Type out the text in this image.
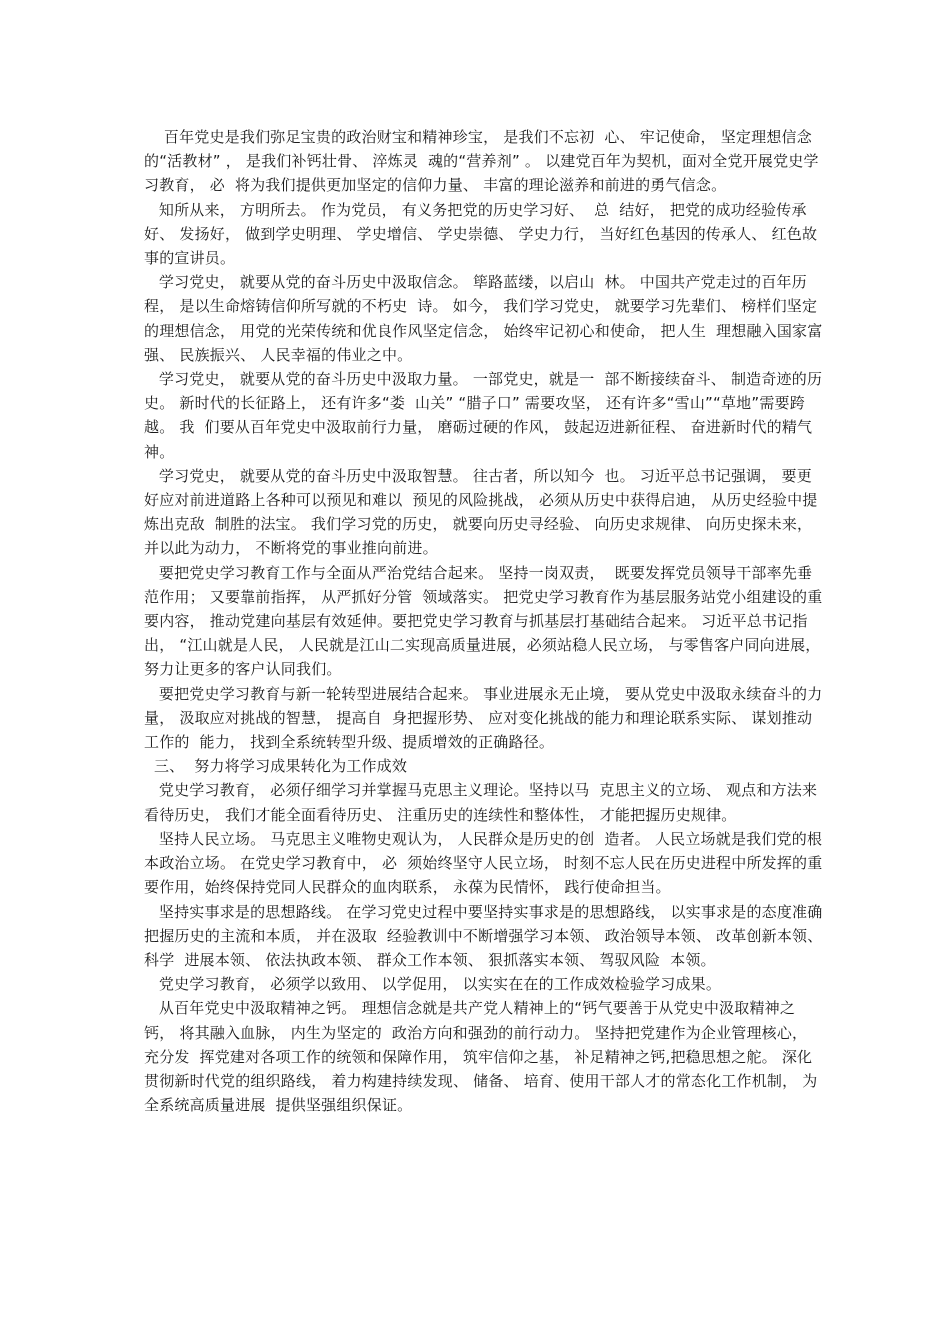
百年党史是我们弥足宝贵的政治财宝和精神珍宝， 是我们不忘初  心、 牢记使命， 坚定理想信念的“活教材” ， 是我们补钙壮骨、 淬炼灵  魂的“营养剂” 。 以建党百年为契机，面对全党开展党史学习教育， 必  将为我们提供更加坚定的信仰力量、 丰富的理论滋养和前进的勇气信念。

知所从来， 方明所去。 作为党员， 有义务把党的历史学习好、  总  结好， 把党的成功经验传承好、 发扬好， 做到学史明理、 学史增信、 学史崇德、 学史力行， 当好红色基因的传承人、 红色故事的宣讲员。

学习党史， 就要从党的奋斗历史中汲取信念。 筚路蓝缕，以启山  林。 中国共产党走过的百年历程， 是以生命熔铸信仰所写就的不朽史  诗。 如今， 我们学习党史， 就要学习先辈们、 榜样们坚定的理想信念， 用党的光荣传统和优良作风坚定信念， 始终牢记初心和使命， 把人生  理想融入国家富强、 民族振兴、 人民幸福的伟业之中。

学习党史， 就要从党的奋斗历史中汲取力量。 一部党史，就是一  部不断接续奋斗、 制造奇迹的历史。 新时代的长征路上， 还有许多“娄  山关” “腊子口” 需要攻坚， 还有许多“雪山”“草地”需要跨越。 我  们要从百年党史中汲取前行力量， 磨砺过硬的作风， 鼓起迈进新征程、 奋进新时代的精气神。

学习党史， 就要从党的奋斗历史中汲取智慧。 往古者，所以知今  也。 习近平总书记强调， 要更好应对前进道路上各种可以预见和难以  预见的风险挑战， 必须从历史中获得启迪， 从历史经验中提炼出克敌  制胜的法宝。 我们学习党的历史， 就要向历史寻经验、 向历史求规律、 向历史探未来， 并以此为动力， 不断将党的事业推向前进。

要把党史学习教育工作与全面从严治党结合起来。 坚持一岗双责，  既要发挥党员领导干部率先垂范作用； 又要靠前指挥， 从严抓好分管  领域落实。 把党史学习教育作为基层服务站党小组建设的重要内容， 推动党建向基层有效延伸。要把党史学习教育与抓基层打基础结合起来。 习近平总书记指出， “江山就是人民， 人民就是江山二实现高质量进展，必须站稳人民立场， 与零售客户同向进展， 努力让更多的客户认同我们。

要把党史学习教育与新一轮转型进展结合起来。 事业进展永无止境， 要从党史中汲取永续奋斗的力量， 汲取应对挑战的智慧， 提高自  身把握形势、 应对变化挑战的能力和理论联系实际、 谋划推动工作的  能力， 找到全系统转型升级、提质增效的正确路径。

三、  努力将学习成果转化为工作成效

党史学习教育， 必须仔细学习并掌握马克思主义理论。坚持以马  克思主义的立场、 观点和方法来看待历史， 我们才能全面看待历史、 注重历史的连续性和整体性， 才能把握历史规律。

坚持人民立场。 马克思主义唯物史观认为， 人民群众是历史的创  造者。 人民立场就是我们党的根本政治立场。 在党史学习教育中， 必  须始终坚守人民立场， 时刻不忘人民在历史进程中所发挥的重要作用，始终保持党同人民群众的血肉联系， 永葆为民情怀， 践行使命担当。

坚持实事求是的思想路线。 在学习党史过程中要坚持实事求是的思想路线， 以实事求是的态度准确把握历史的主流和本质， 并在汲取  经验教训中不断增强学习本领、 政治领导本领、 改革创新本领、 科学  进展本领、 依法执政本领、 群众工作本领、 狠抓落实本领、 驾驭风险  本领。

党史学习教育， 必须学以致用、 以学促用， 以实实在在的工作成效检验学习成果。

从百年党史中汲取精神之钙。 理想信念就是共产党人精神上的“钙气要善于从党史中汲取精神之钙， 将其融入血脉， 内生为坚定的  政治方向和强劲的前行动力。 坚持把党建作为企业管理核心， 充分发  挥党建对各项工作的统领和保障作用， 筑牢信仰之基， 补足精神之钙,把稳思想之舵。 深化贯彻新时代党的组织路线， 着力构建持续发现、 储备、 培育、使用干部人才的常态化工作机制， 为全系统高质量进展  提供坚强组织保证。
